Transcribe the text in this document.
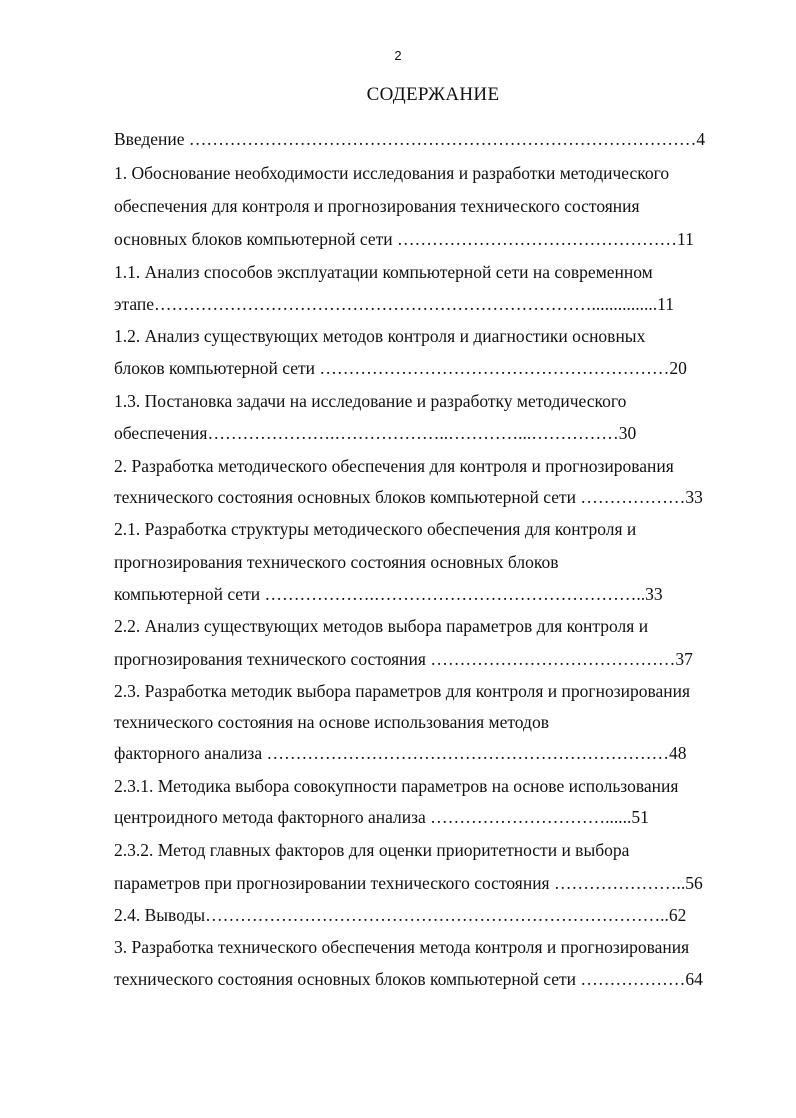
2
СОДЕРЖАНИЕ
Введение ……………………………………………………………………………4
1. Обоснование необходимости исследования и разработки методического
обеспечения для контроля и прогнозирования технического состояния
основных блоков компьютерной сети …………………………………………11
1.1. Анализ способов эксплуатации компьютерной сети на современном
этапе…………………………………………………………………...............11
1.2. Анализ существующих методов контроля и диагностики основных
блоков компьютерной сети ……………………………………………………20
1.3. Постановка задачи на исследование и разработку методического
обеспечения………………….………………..…………...……………30
2. Разработка методического обеспечения для контроля и прогнозирования
технического состояния основных блоков компьютерной сети ………………33
2.1. Разработка структуры методического обеспечения для контроля и
прогнозирования технического состояния основных блоков
компьютерной сети ……………….………………………………………..33
2.2. Анализ существующих методов выбора параметров для контроля и
прогнозирования технического состояния ……………………………………37
2.3. Разработка методик выбора параметров для контроля и прогнозирования
технического состояния на основе использования методов
факторного анализа ……………………………………………………………48
2.3.1. Методика выбора совокупности параметров на основе использования
центроидного метода факторного анализа …………………………......51
2.3.2. Метод главных факторов для оценки приоритетности и выбора
параметров при прогнозировании технического состояния …………………..56
2.4. Выводы……………………………………………………………………..62
3. Разработка технического обеспечения метода контроля и прогнозирования
технического состояния основных блоков компьютерной сети ………………64
